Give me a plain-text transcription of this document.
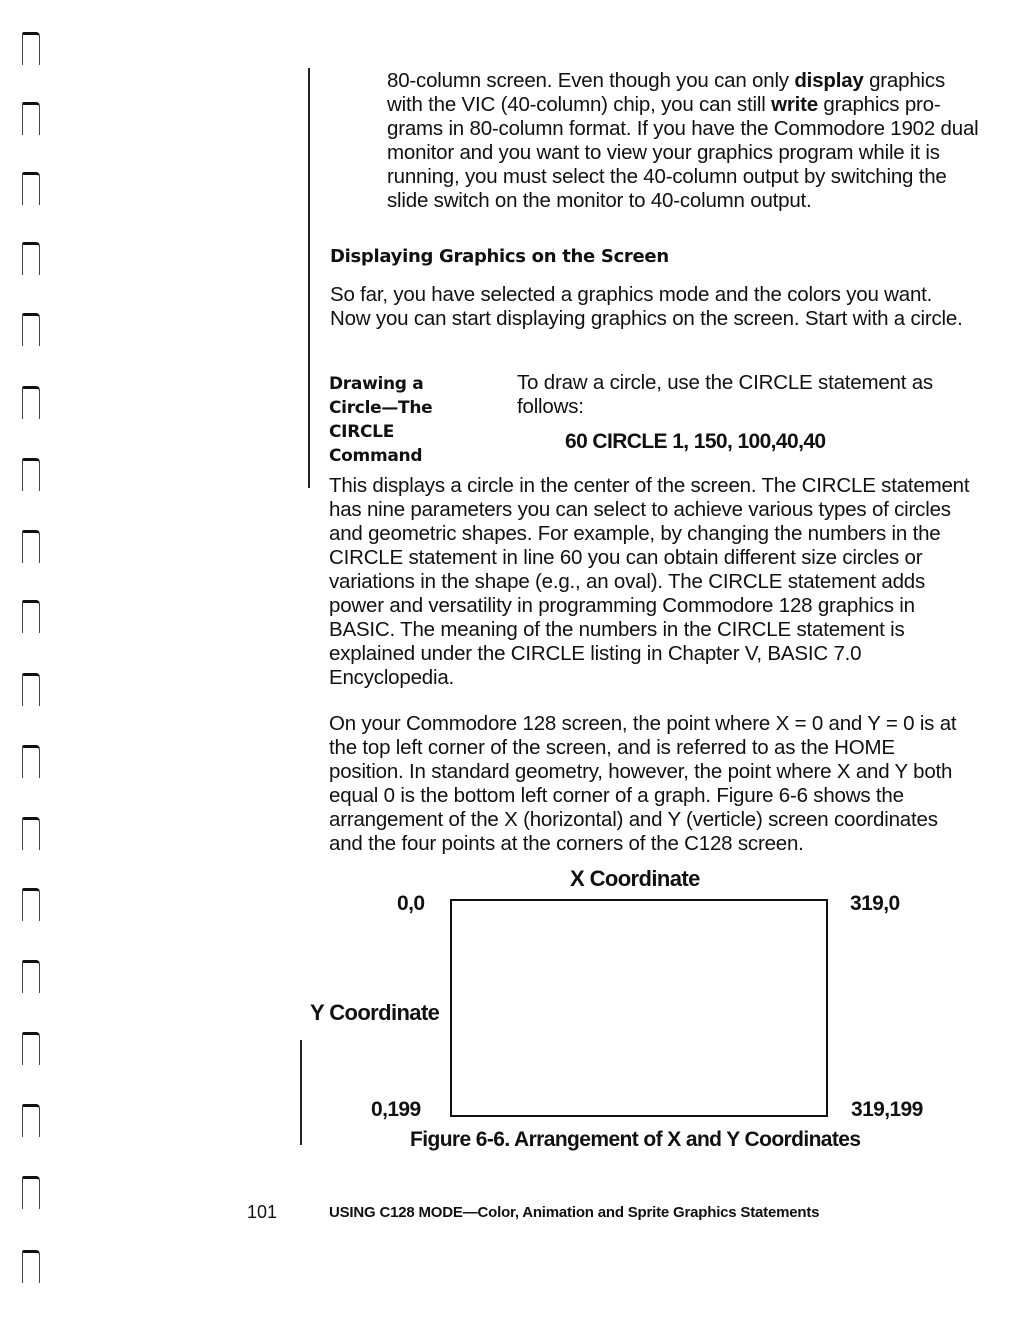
80-column screen. Even though you can only display graphics
with the VIC (40-column) chip, you can still write graphics pro- grams in 80-column format. If you have the Commodore 1902 dual monitor and you want to view your graphics program while it is running, you must select the 40-column output by switching the slide switch on the monitor to 40-column output.
Displaying Graphics on the Screen
So far, you have selected a graphics mode and the colors you want. Now you can start displaying graphics on the screen. Start with a circle.
Drawing a
Circle—The
CIRCLE
Command
To draw a circle, use the CIRCLE statement as follows:
60 CIRCLE 1, 150, 100,40,40
This displays a circle in the center of the screen. The CIRCLE statement has nine parameters you can select to achieve various types of circles and geometric shapes. For example, by changing the numbers in the CIRCLE statement in line 60 you can obtain different size circles or variations in the shape (e.g., an oval). The CIRCLE statement adds power and versatility in programming Commodore 128 graphics in BASIC. The meaning of the numbers in the CIRCLE statement is explained under the CIRCLE listing in Chapter V, BASIC 7.0 Encyclopedia.
On your Commodore 128 screen, the point where X = 0 and Y = 0 is at the top left corner of the screen, and is referred to as the HOME position. In standard geometry, however, the point where X and Y both equal 0 is the bottom left corner of a graph. Figure 6-6 shows the arrangement of the X (horizontal) and Y (verticle) screen coordinates and the four points at the corners of the C128 screen.
X Coordinate
0,0	319,0
Y Coordinate
0,199	319,199
Figure 6-6. Arrangement of X and Y Coordinates
101	USING C128 MODE—Color, Animation and Sprite Graphics Statements
